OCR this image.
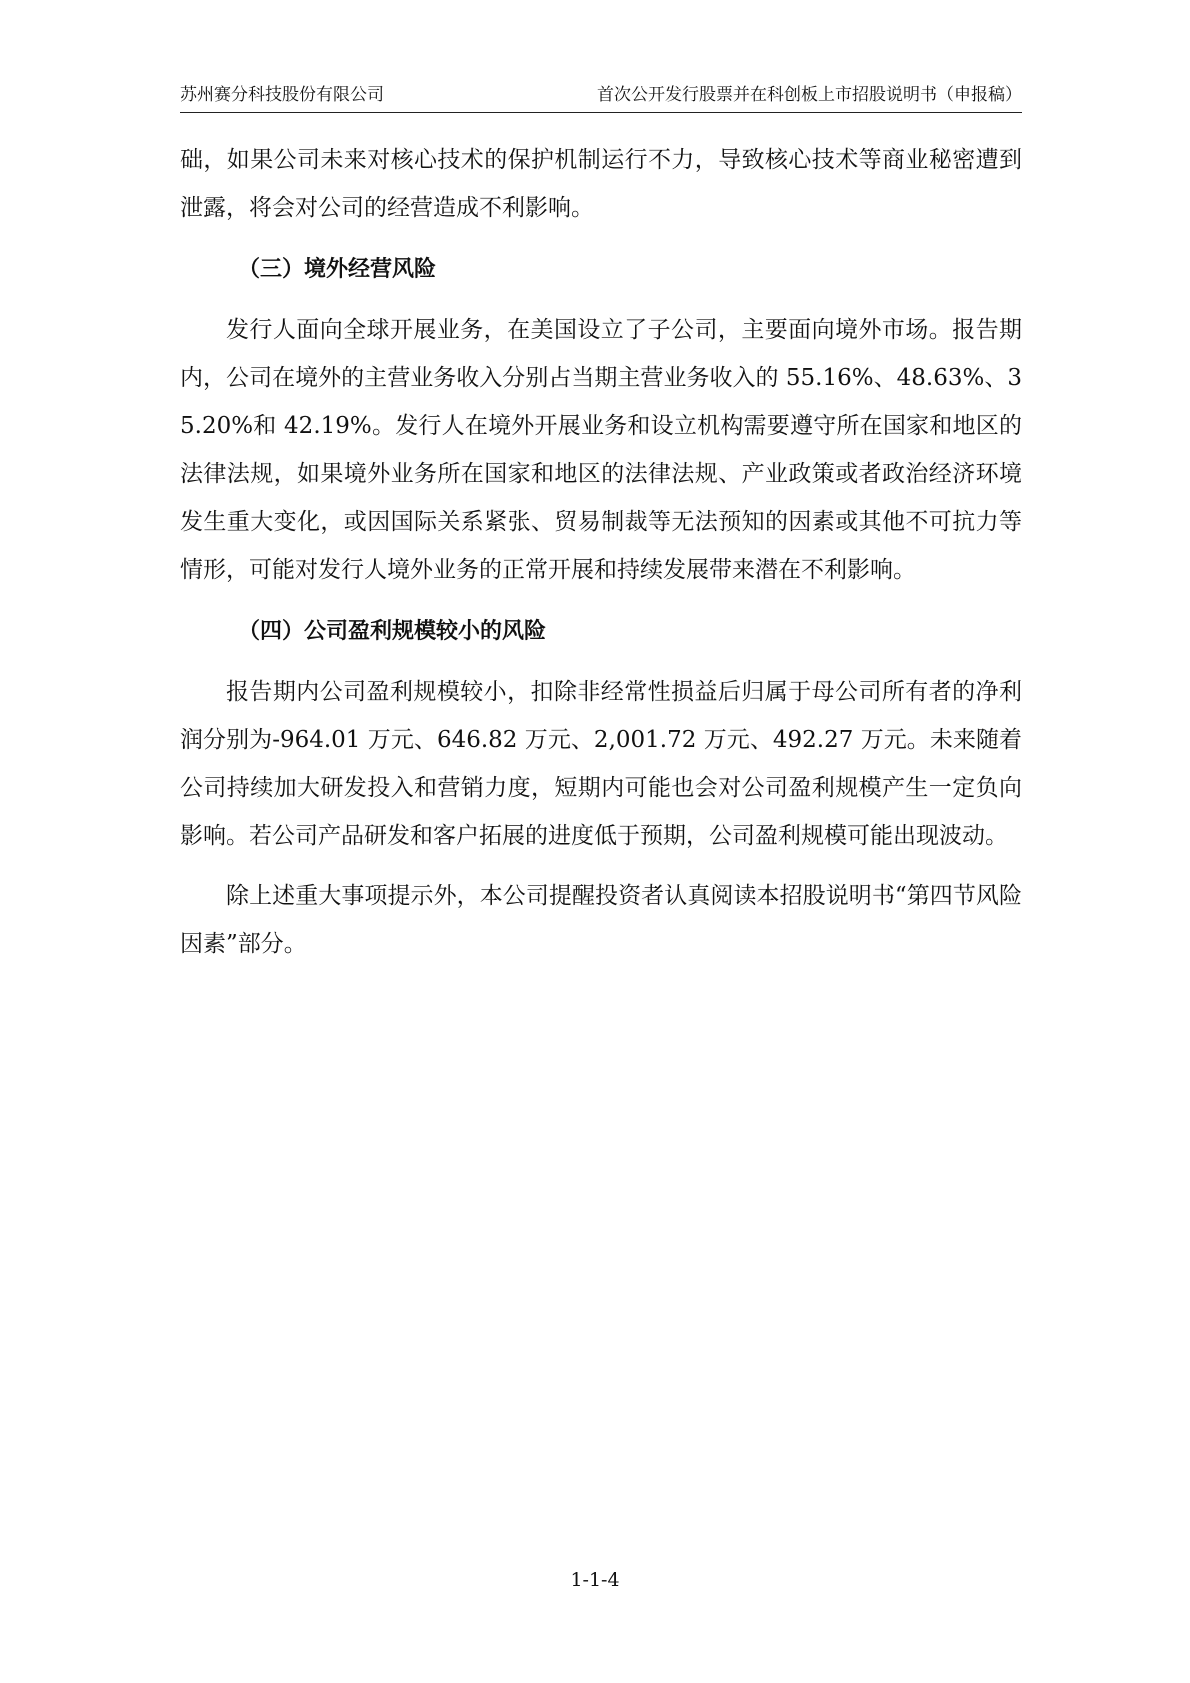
苏州赛分科技股份有限公司	首次公开发行股票并在科创板上市招股说明书（申报稿）

础，如果公司未来对核心技术的保护机制运行不力，导致核心技术等商业秘密遭到泄露，将会对公司的经营造成不利影响。

（三）境外经营风险

发行人面向全球开展业务，在美国设立了子公司，主要面向境外市场。报告期内，公司在境外的主营业务收入分别占当期主营业务收入的 55.16%、48.63%、35.20%和 42.19%。发行人在境外开展业务和设立机构需要遵守所在国家和地区的法律法规，如果境外业务所在国家和地区的法律法规、产业政策或者政治经济环境发生重大变化，或因国际关系紧张、贸易制裁等无法预知的因素或其他不可抗力等情形，可能对发行人境外业务的正常开展和持续发展带来潜在不利影响。

（四）公司盈利规模较小的风险

报告期内公司盈利规模较小，扣除非经常性损益后归属于母公司所有者的净利润分别为-964.01 万元、646.82 万元、2,001.72 万元、492.27 万元。未来随着公司持续加大研发投入和营销力度，短期内可能也会对公司盈利规模产生一定负向影响。若公司产品研发和客户拓展的进度低于预期，公司盈利规模可能出现波动。

除上述重大事项提示外，本公司提醒投资者认真阅读本招股说明书“第四节风险因素”部分。

1-1-4
